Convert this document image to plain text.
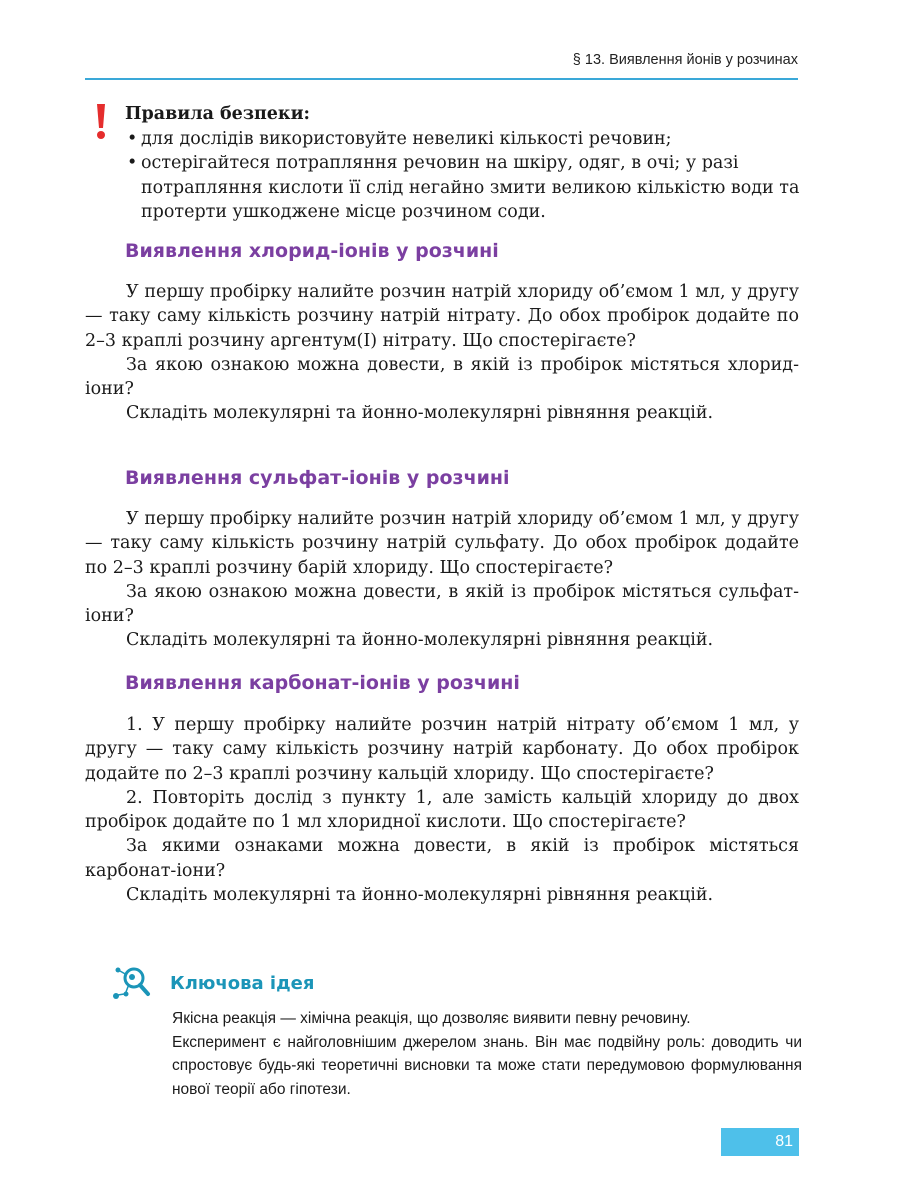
§ 13. Виявлення йонів у розчинах
Правила безпеки:
• для дослідів використовуйте невеликі кількості речовин;
• остерігайтеся потрапляння речовин на шкіру, одяг, в очі; у разі потрапляння кислоти її слід негайно змити великою кількістю води та протерти ушкоджене місце розчином соди.
Виявлення хлорид-іонів у розчині

У першу пробірку налийте розчин натрій хлориду об’ємом 1 мл, у другу — таку саму кількість розчину натрій нітрату. До обох пробірок додайте по 2–3 краплі розчину аргентум(I) нітрату. Що спостерігаєте?

За якою ознакою можна довести, в якій із пробірок містяться хлорид-іони?

Складіть молекулярні та йонно-молекулярні рівняння реакцій.

Виявлення сульфат-іонів у розчині

У першу пробірку налийте розчин натрій хлориду об’ємом 1 мл, у другу — таку саму кількість розчину натрій сульфату. До обох пробірок додайте по 2–3 краплі розчину барій хлориду. Що спостерігаєте?

За якою ознакою можна довести, в якій із пробірок містяться сульфат-іони?

Складіть молекулярні та йонно-молекулярні рівняння реакцій.

Виявлення карбонат-іонів у розчині

1. У першу пробірку налийте розчин натрій нітрату об’ємом 1 мл, у другу — таку саму кількість розчину натрій карбонату. До обох пробірок додайте по 2–3 краплі розчину кальцій хлориду. Що спостерігаєте?

2. Повторіть дослід з пункту 1, але замість кальцій хлориду до двох пробірок додайте по 1 мл хлоридної кислоти. Що спостерігаєте?

За якими ознаками можна довести, в якій із пробірок містяться карбонат-іони?

Складіть молекулярні та йонно-молекулярні рівняння реакцій.

Ключова ідея

Якісна реакція — хімічна реакція, що дозволяє виявити певну речовину.

Експеримент є найголовнішим джерелом знань. Він має подвійну роль: доводить чи спростовує будь-які теоретичні висновки та може стати передумовою формулювання нової теорії або гіпотези.

81
